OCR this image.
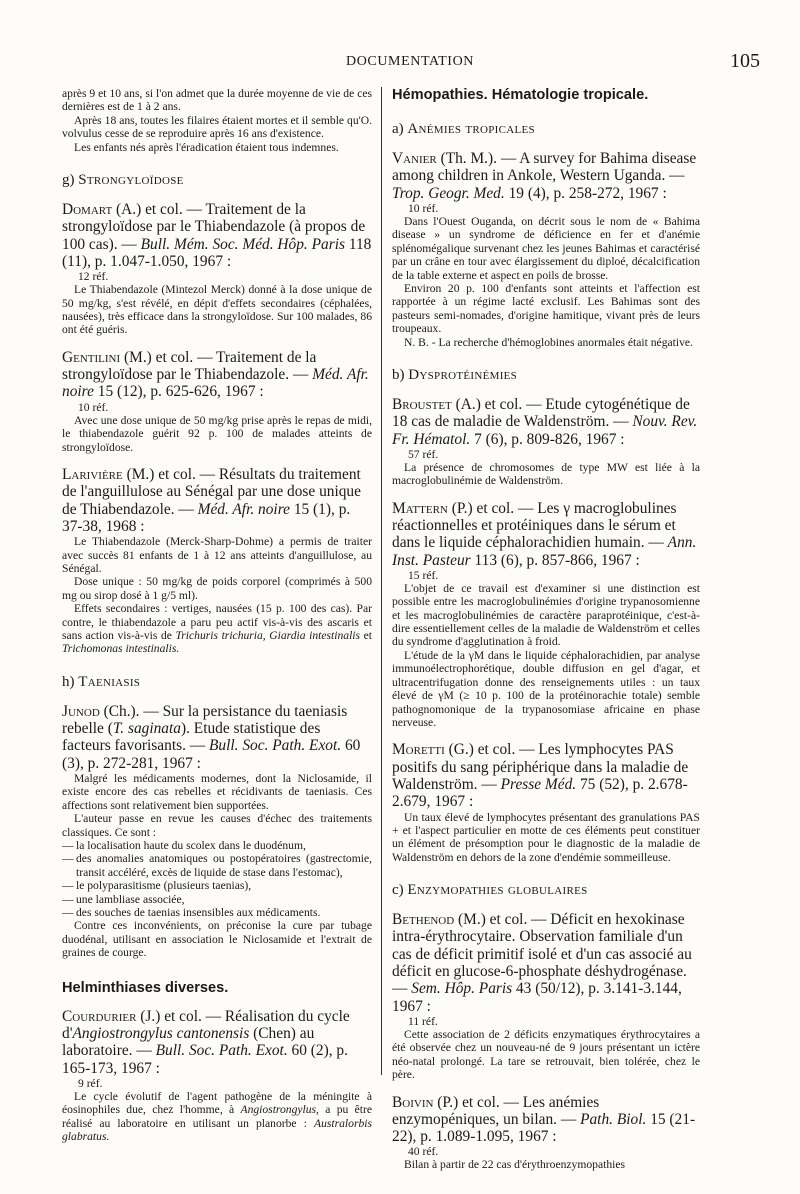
DOCUMENTATION	105

après 9 et 10 ans, si l'on admet que la durée moyenne de vie de ces dernières est de 1 à 2 ans.

Après 18 ans, toutes les filaires étaient mortes et il semble qu'O. volvulus cesse de se reproduire après 16 ans d'existence.

Les enfants nés après l'éradication étaient tous indemnes.

g) Strongyloïdose
Domart (A.) et col. — Traitement de la strongyloïdose par le Thiabendazole (à propos de 100 cas). — Bull. Mém. Soc. Méd. Hôp. Paris 118 (11), p. 1.047-1.050, 1967 :
12 réf.

Le Thiabendazole (Mintezol Merck) donné à la dose unique de 50 mg/kg, s'est révélé, en dépit d'effets secondaires (céphalées, nausées), très efficace dans la strongyloïdose. Sur 100 malades, 86 ont été guéris.

Gentilini (M.) et col. — Traitement de la strongyloïdose par le Thiabendazole. — Méd. Afr. noire 15 (12), p. 625-626, 1967 :
10 réf.

Avec une dose unique de 50 mg/kg prise après le repas de midi, le thiabendazole guérit 92 p. 100 de malades atteints de strongyloïdose.

Larivière (M.) et col. — Résultats du traitement de l'anguillulose au Sénégal par une dose unique de Thiabendazole. — Méd. Afr. noire 15 (1), p. 37-38, 1968 :

Le Thiabendazole (Merck-Sharp-Dohme) a permis de traiter avec succès 81 enfants de 1 à 12 ans atteints d'anguillulose, au Sénégal.

Dose unique : 50 mg/kg de poids corporel (comprimés à 500 mg ou sirop dosé à 1 g/5 ml).

Effets secondaires : vertiges, nausées (15 p. 100 des cas). Par contre, le thiabendazole a paru peu actif vis-à-vis des ascaris et sans action vis-à-vis de Trichuris trichuria, Giardia intestinalis et Trichomonas intestinalis.

h) Taeniasis
Junod (Ch.). — Sur la persistance du taeniasis rebelle (T. saginata). Etude statistique des facteurs favorisants. — Bull. Soc. Path. Exot. 60 (3), p. 272-281, 1967 :

Malgré les médicaments modernes, dont la Niclosamide, il existe encore des cas rebelles et récidivants de taeniasis. Ces affections sont relativement bien supportées.

L'auteur passe en revue les causes d'échec des traitements classiques. Ce sont :

— la localisation haute du scolex dans le duodénum,
— des anomalies anatomiques ou postopératoires (gastrectomie, transit accéléré, excès de liquide de stase dans l'estomac),
— le polyparasitisme (plusieurs taenias),
— une lambliase associée,
— des souches de taenias insensibles aux médicaments.

Contre ces inconvénients, on préconise la cure par tubage duodénal, utilisant en association le Niclosamide et l'extrait de graines de courge.

Helminthiases diverses.
Courdurier (J.) et col. — Réalisation du cycle d'Angiostrongylus cantonensis (Chen) au laboratoire. — Bull. Soc. Path. Exot. 60 (2), p. 165-173, 1967 :
9 réf.

Le cycle évolutif de l'agent pathogène de la méningite à éosinophiles due, chez l'homme, à Angiostrongylus, a pu être réalisé au laboratoire en utilisant un planorbe : Australorbis glabratus.

Hémopathies. Hématologie tropicale.
a) Anémies tropicales
Vanier (Th. M.). — A survey for Bahima disease among children in Ankole, Western Uganda. — Trop. Geogr. Med. 19 (4), p. 258-272, 1967 :
10 réf.

Dans l'Ouest Ouganda, on décrit sous le nom de « Bahima disease » un syndrome de déficience en fer et d'anémie splénomégalique survenant chez les jeunes Bahimas et caractérisé par un crâne en tour avec élargissement du diploé, décalcification de la table externe et aspect en poils de brosse.

Environ 20 p. 100 d'enfants sont atteints et l'affection est rapportée à un régime lacté exclusif. Les Bahimas sont des pasteurs semi-nomades, d'origine hamitique, vivant près de leurs troupeaux.

N. B. - La recherche d'hémoglobines anormales était négative.

b) Dysprotéinémies
Broustet (A.) et col. — Etude cytogénétique de 18 cas de maladie de Waldenström. — Nouv. Rev. Fr. Hématol. 7 (6), p. 809-826, 1967 :
57 réf.

La présence de chromosomes de type MW est liée à la macroglobulinémie de Waldenström.

Mattern (P.) et col. — Les γ macroglobulines réactionnelles et protéiniques dans le sérum et dans le liquide céphalorachidien humain. — Ann. Inst. Pasteur 113 (6), p. 857-866, 1967 :
15 réf.

L'objet de ce travail est d'examiner si une distinction est possible entre les macroglobulinémies d'origine trypanosomienne et les macroglobulinémies de caractère paraprotéinique, c'est-à-dire essentiellement celles de la maladie de Waldenström et celles du syndrome d'agglutination à froid.

L'étude de la γM dans le liquide céphalorachidien, par analyse immunoélectrophorétique, double diffusion en gel d'agar, et ultracentrifugation donne des renseignements utiles : un taux élevé de γM (≥ 10 p. 100 de la protéinorachie totale) semble pathognomonique de la trypanosomiase africaine en phase nerveuse.

Moretti (G.) et col. — Les lymphocytes PAS positifs du sang périphérique dans la maladie de Waldenström. — Presse Méd. 75 (52), p. 2.678-2.679, 1967 :

Un taux élevé de lymphocytes présentant des granulations PAS + et l'aspect particulier en motte de ces éléments peut constituer un élément de présomption pour le diagnostic de la maladie de Waldenström en dehors de la zone d'endémie sommeilleuse.

c) Enzymopathies globulaires
Bethenod (M.) et col. — Déficit en hexokinase intra-érythrocytaire. Observation familiale d'un cas de déficit primitif isolé et d'un cas associé au déficit en glucose-6-phosphate déshydrogénase. — Sem. Hôp. Paris 43 (50/12), p. 3.141-3.144, 1967 :
11 réf.

Cette association de 2 déficits enzymatiques érythrocytaires a été observée chez un nouveau-né de 9 jours présentant un ictère néo-natal prolongé. La tare se retrouvait, bien tolérée, chez le père.

Boivin (P.) et col. — Les anémies enzymopéniques, un bilan. — Path. Biol. 15 (21-22), p. 1.089-1.095, 1967 :
40 réf.

Bilan à partir de 22 cas d'érythroenzymopathies
